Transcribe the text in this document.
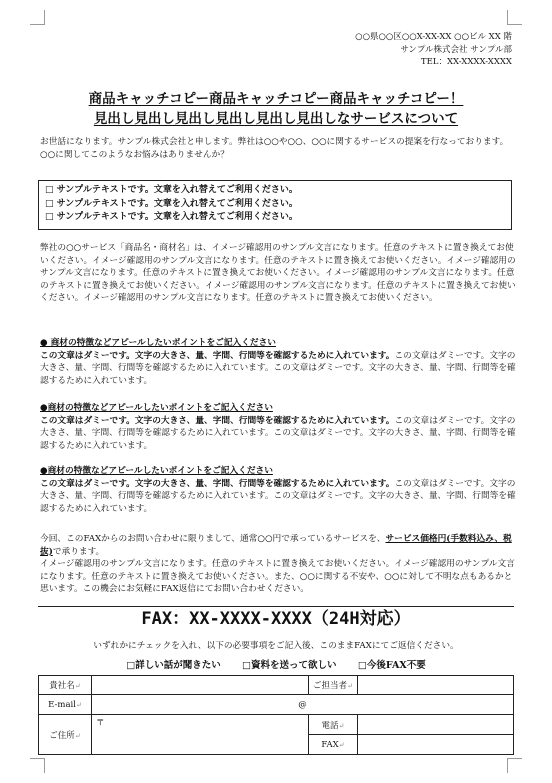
○○県○○区○○X-XX-XX ○○ビル XX 階
サンプル株式会社 サンプル部
TEL：XX-XXXX-XXXX
商品キャッチコピー商品キャッチコピー商品キャッチコピー！
見出し見出し見出し見出し見出し見出しなサービスについて

お世話になります。サンプル株式会社と申します。弊社は○○や○○、○○に関するサービスの提案を行なっております。

○○に関してこのようなお悩みはありませんか？

□ サンプルテキストです。文章を入れ替えてご利用ください。
□ サンプルテキストです。文章を入れ替えてご利用ください。
□ サンプルテキストです。文章を入れ替えてご利用ください。

弊社の○○サービス「商品名・商材名」は、イメージ確認用のサンプル文言になります。任意のテキストに置き換えてお使いください。イメージ確認用のサンプル文言になります。任意のテキストに置き換えてお使いください。イメージ確認用のサンプル文言になります。任意のテキストに置き換えてお使いください。イメージ確認用のサンプル文言になります。任意のテキストに置き換えてお使いください。イメージ確認用のサンプル文言になります。任意のテキストに置き換えてお使いください。イメージ確認用のサンプル文言になります。任意のテキストに置き換えてお使いください。

● 商材の特徴などアピールしたいポイントをご記入ください

この文章はダミーです。文字の大きさ、量、字間、行間等を確認するために入れています。この文章はダミーです。文字の大きさ、量、字間、行間等を確認するために入れています。この文章はダミーです。文字の大きさ、量、字間、行間等を確認するために入れています。

●商材の特徴などアピールしたいポイントをご記入ください

この文章はダミーです。文字の大きさ、量、字間、行間等を確認するために入れています。この文章はダミーです。文字の大きさ、量、字間、行間等を確認するために入れています。この文章はダミーです。文字の大きさ、量、字間、行間等を確認するために入れています。

●商材の特徴などアピールしたいポイントをご記入ください

この文章はダミーです。文字の大きさ、量、字間、行間等を確認するために入れています。この文章はダミーです。文字の大きさ、量、字間、行間等を確認するために入れています。この文章はダミーです。文字の大きさ、量、字間、行間等を確認するために入れています。

今回、このFAXからのお問い合わせに限りまして、通常○○円で承っているサービスを、サービス価格円(手数料込み、税抜)で承ります。

イメージ確認用のサンプル文言になります。任意のテキストに置き換えてお使いください。イメージ確認用のサンプル文言になります。任意のテキストに置き換えてお使いください。また、○○に関する不安や、○○に対して不明な点もあるかと思います。この機会にお気軽にFAX返信にてお問い合わせください。

FAX：XX-XXXX-XXXX（24H対応）
いずれかにチェックを入れ、以下の必要事項をご記入後、このままFAXにてご返信ください。
□詳しい話が聞きたい □資料を送って欲しい □今後FAX不要
貴社名↵		ご担当者↵	
E-mail↵	@		
ご住所↵	〒	電話↵	
		FAX↵	
